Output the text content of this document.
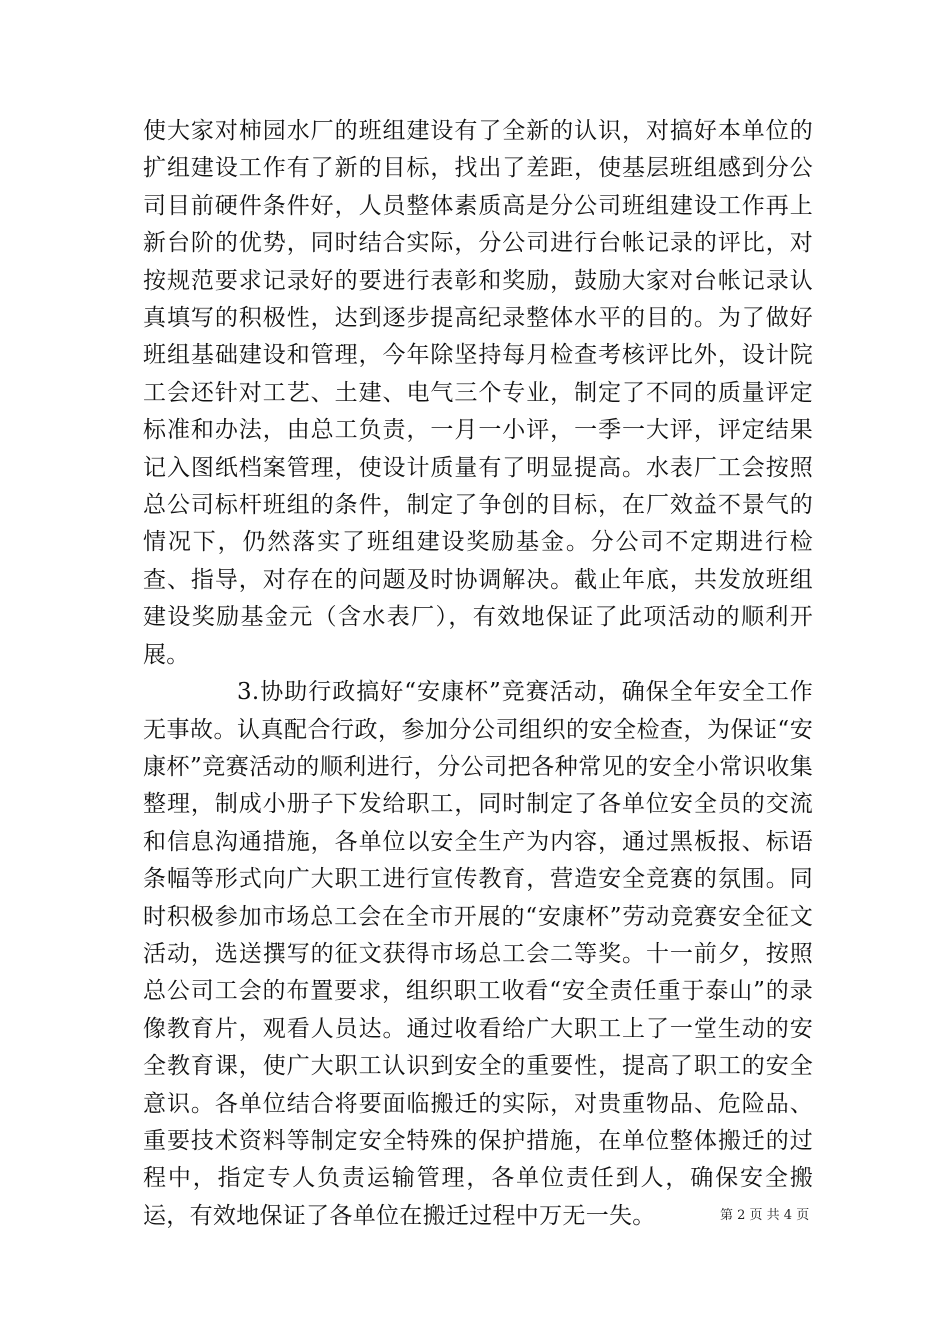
使大家对柿园水厂的班组建设有了全新的认识，对搞好本单位的扩组建设工作有了新的目标，找出了差距，使基层班组感到分公司目前硬件条件好，人员整体素质高是分公司班组建设工作再上新台阶的优势，同时结合实际，分公司进行台帐记录的评比，对按规范要求记录好的要进行表彰和奖励，鼓励大家对台帐记录认真填写的积极性，达到逐步提高纪录整体水平的目的。为了做好班组基础建设和管理，今年除坚持每月检查考核评比外，设计院工会还针对工艺、土建、电气三个专业，制定了不同的质量评定标准和办法，由总工负责，一月一小评，一季一大评，评定结果记入图纸档案管理，使设计质量有了明显提高。水表厂工会按照总公司标杆班组的条件，制定了争创的目标，在厂效益不景气的情况下，仍然落实了班组建设奖励基金。分公司不定期进行检查、指导，对存在的问题及时协调解决。截止年底，共发放班组建设奖励基金元（含水表厂），有效地保证了此项活动的顺利开展。

3.协助行政搞好“安康杯”竞赛活动，确保全年安全工作无事故。认真配合行政，参加分公司组织的安全检查，为保证“安康杯”竞赛活动的顺利进行，分公司把各种常见的安全小常识收集整理，制成小册子下发给职工，同时制定了各单位安全员的交流和信息沟通措施，各单位以安全生产为内容，通过黑板报、标语条幅等形式向广大职工进行宣传教育，营造安全竞赛的氛围。同时积极参加市场总工会在全市开展的“安康杯”劳动竞赛安全征文活动，选送撰写的征文获得市场总工会二等奖。十一前夕，按照总公司工会的布置要求，组织职工收看“安全责任重于泰山”的录像教育片，观看人员达。通过收看给广大职工上了一堂生动的安全教育课，使广大职工认识到安全的重要性，提高了职工的安全意识。各单位结合将要面临搬迁的实际，对贵重物品、危险品、重要技术资料等制定安全特殊的保护措施，在单位整体搬迁的过程中，指定专人负责运输管理，各单位责任到人，确保安全搬运，有效地保证了各单位在搬迁过程中万无一失。	第 2 页 共 4 页
